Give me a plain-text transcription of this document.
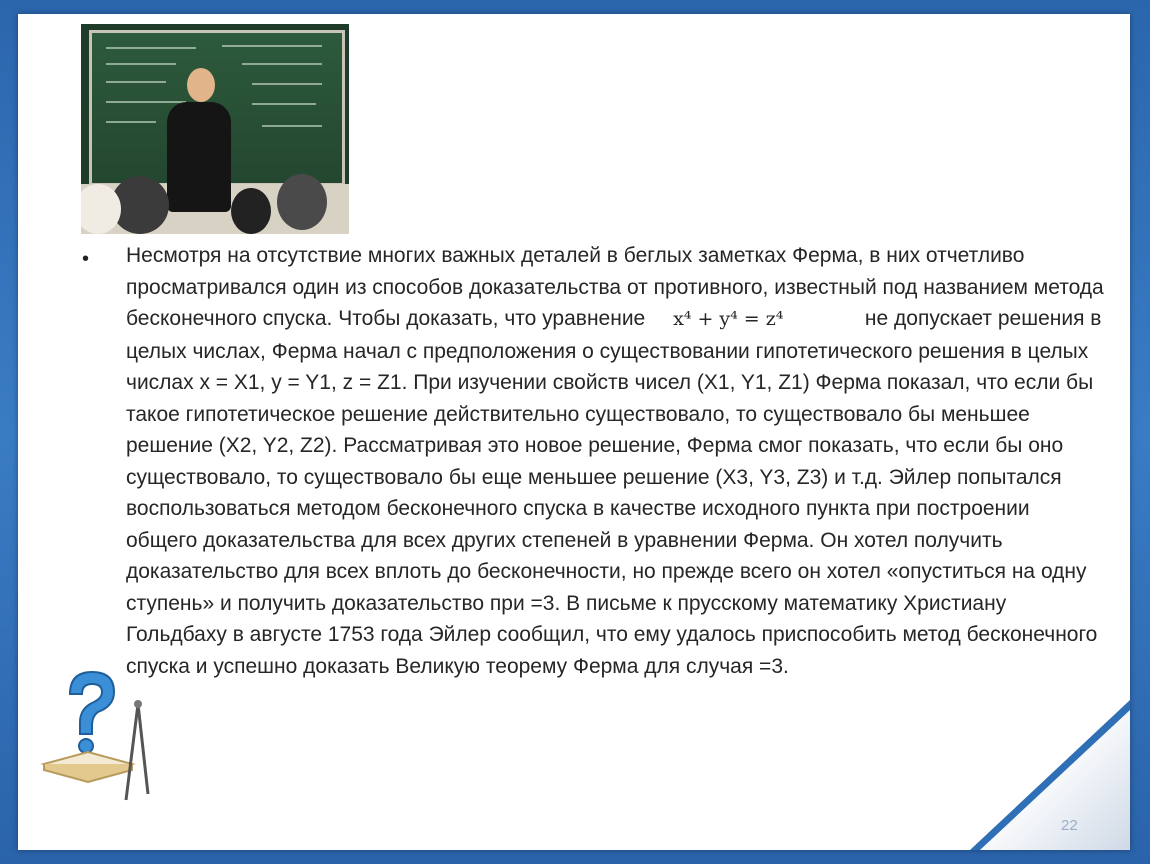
• Несмотря на отсутствие многих важных деталей в беглых заметках Ферма, в них отчетливо просматривался один из способов доказательства от противного, известный под названием метода бесконечного спуска. Чтобы доказать, что уравнение x⁴ + y⁴ = z⁴	не допускает решения в целых числах, Ферма начал с предположения о существовании гипотетического решения в целых числах x = X1, y = Y1, z = Z1. При изучении свойств чисел (X1, Y1, Z1) Ферма показал, что если бы такое гипотетическое решение действительно существовало, то существовало бы меньшее решение (X2, Y2, Z2). Рассматривая это новое решение, Ферма смог показать, что если бы оно существовало, то существовало бы еще меньшее решение (X3, Y3, Z3) и т.д. Эйлер попытался воспользоваться методом бесконечного спуска в качестве исходного пункта при построении общего доказательства для всех других степеней в уравнении Ферма. Он хотел получить доказательство для всех вплоть до бесконечности, но прежде всего он хотел «опуститься на одну ступень» и получить доказательство при =3. В письме к прусскому математику Христиану Гольдбаху в августе 1753 года Эйлер сообщил, что ему удалось приспособить метод бесконечного спуска и успешно доказать Великую теорему Ферма для случая =3.
22
